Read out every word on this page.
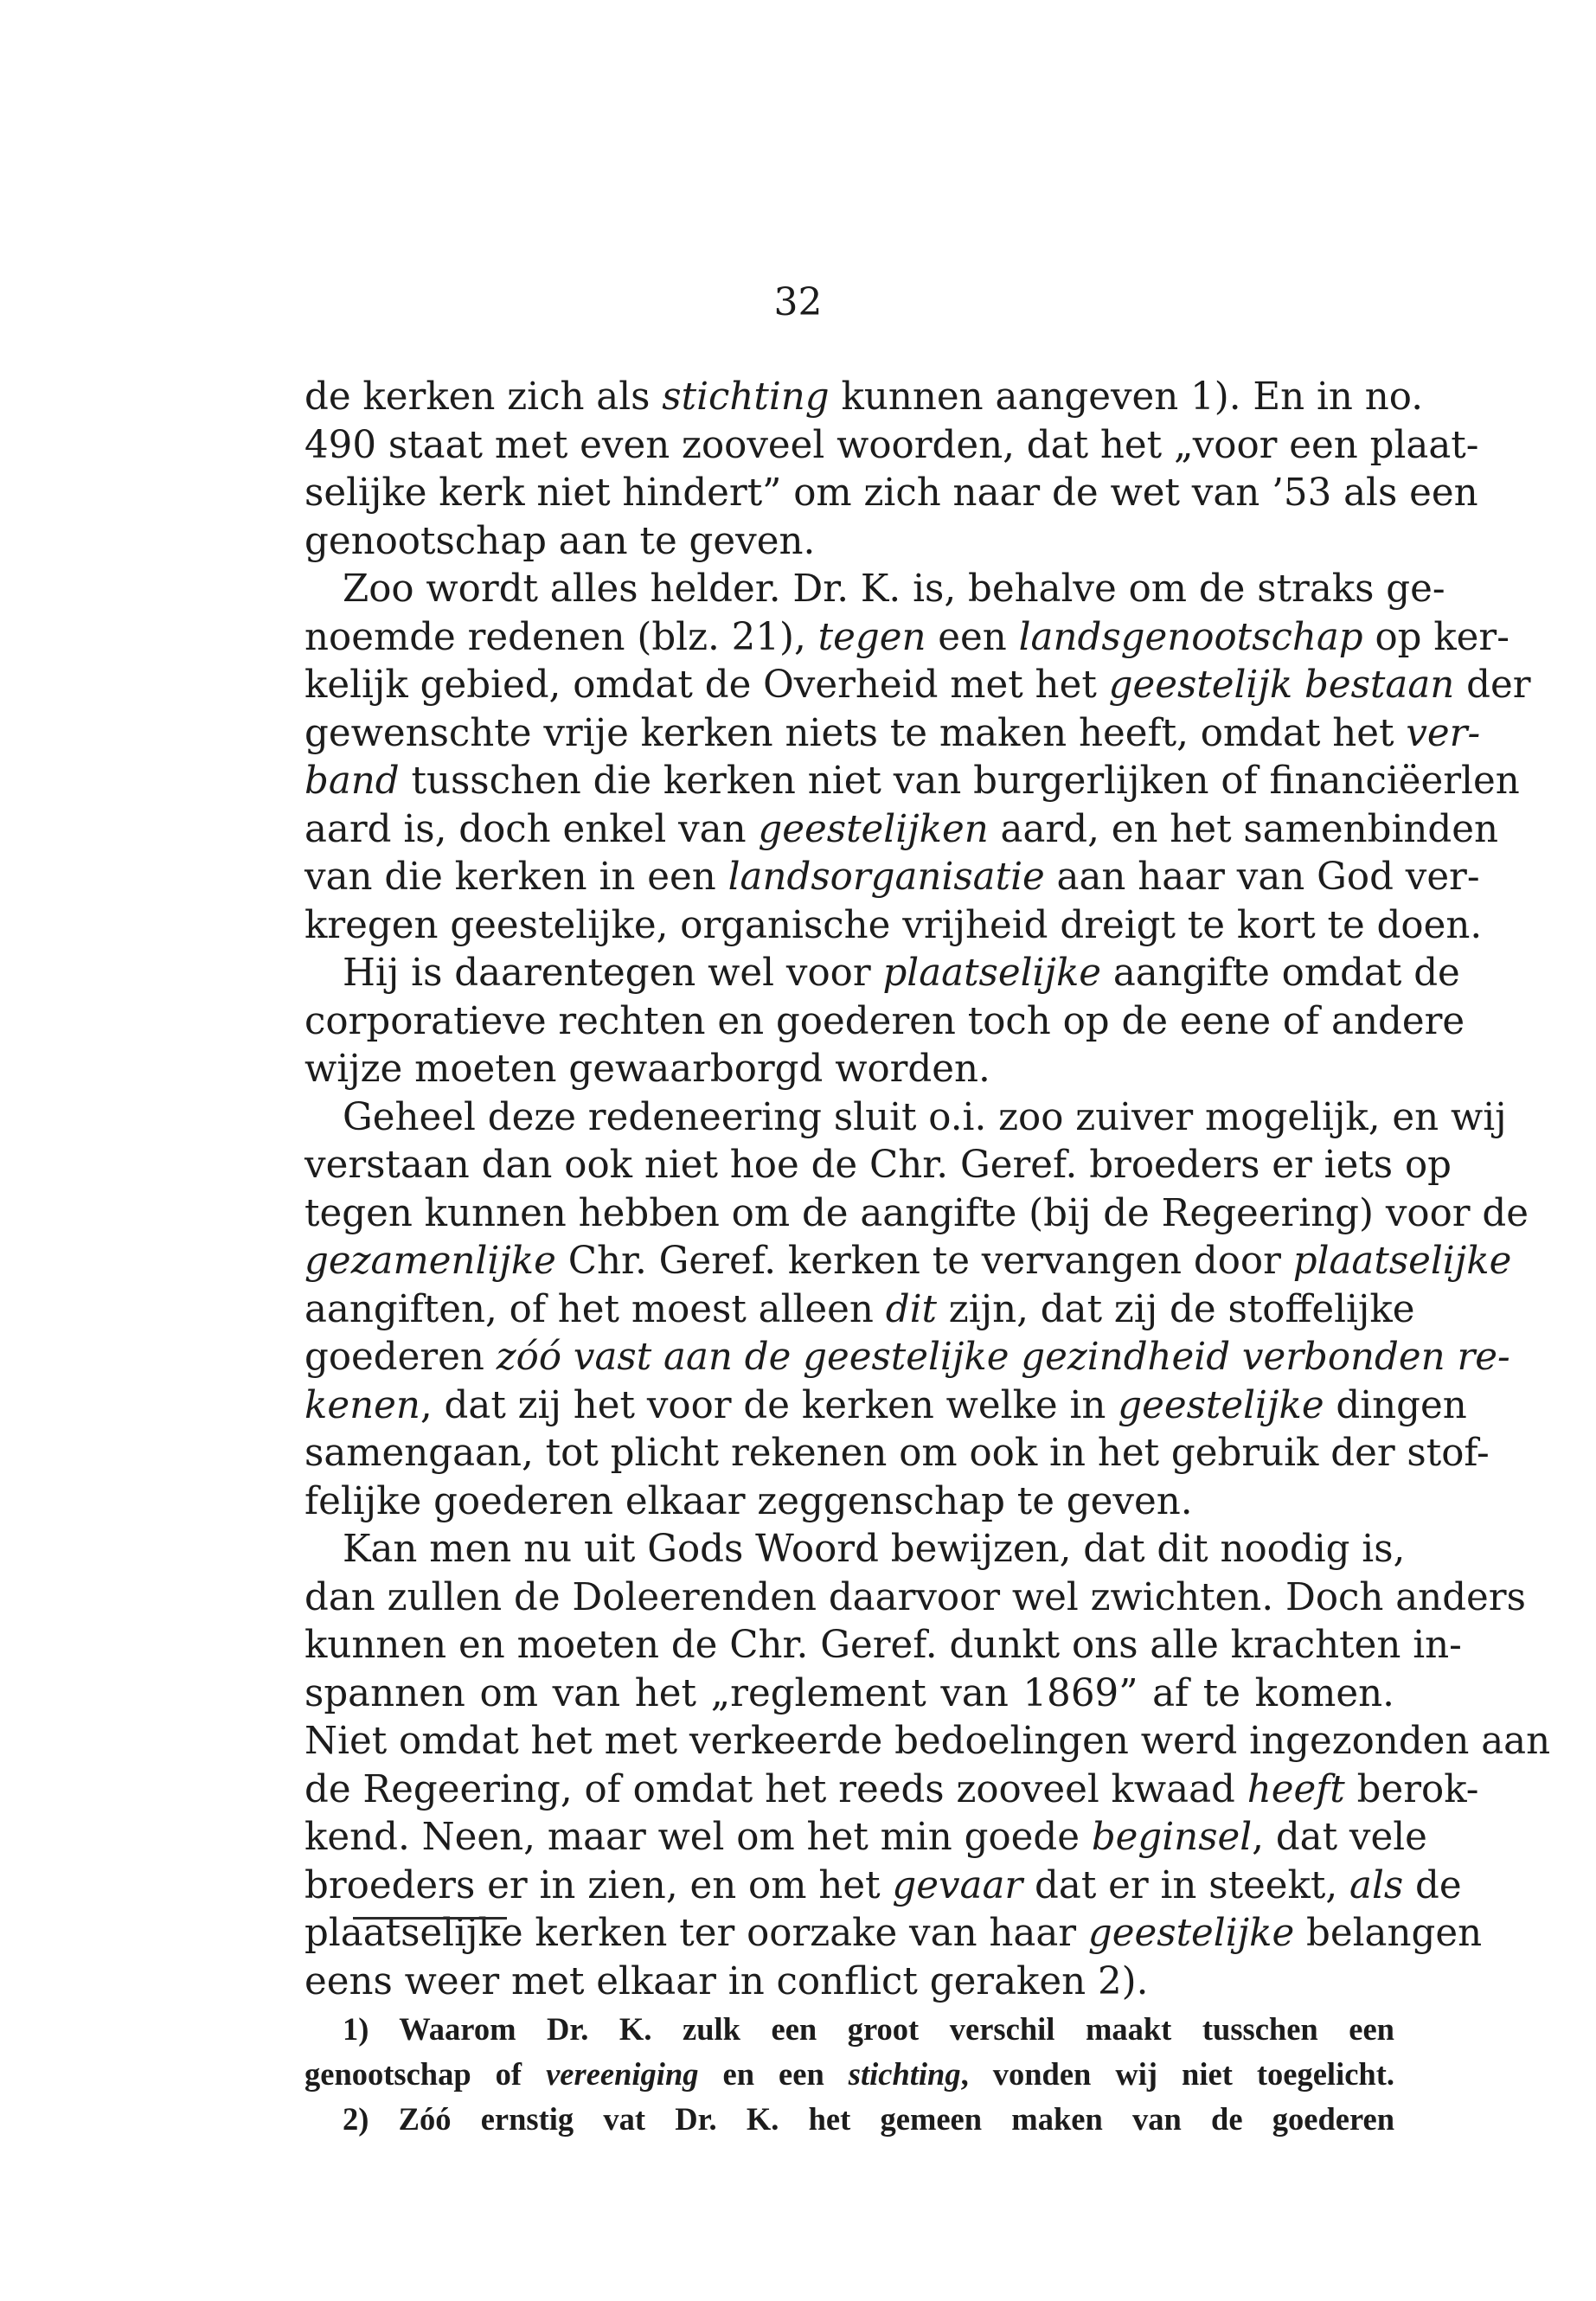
32
de kerken zich als stichting kunnen aangeven 1). En in no.
490 staat met even zooveel woorden, dat het „voor een plaat-
selijke kerk niet hindert” om zich naar de wet van ’53 als een
genootschap aan te geven.
Zoo wordt alles helder. Dr. K. is, behalve om de straks ge-
noemde redenen (blz. 21), tegen een landsgenootschap op ker-
kelijk gebied, omdat de Overheid met het geestelijk bestaan der
gewenschte vrije kerken niets te maken heeft, omdat het ver-
band tusschen die kerken niet van burgerlijken of financiëerlen
aard is, doch enkel van geestelijken aard, en het samenbinden
van die kerken in een landsorganisatie aan haar van God ver-
kregen geestelijke, organische vrijheid dreigt te kort te doen.
Hij is daarentegen wel voor plaatselijke aangifte omdat de
corporatieve rechten en goederen toch op de eene of andere
wijze moeten gewaarborgd worden.
Geheel deze redeneering sluit o.i. zoo zuiver mogelijk, en wij
verstaan dan ook niet hoe de Chr. Geref. broeders er iets op
tegen kunnen hebben om de aangifte (bij de Regeering) voor de
gezamenlijke Chr. Geref. kerken te vervangen door plaatselijke
aangiften, of het moest alleen dit zijn, dat zij de stoffelijke
goederen zóó vast aan de geestelijke gezindheid verbonden re-
kenen, dat zij het voor de kerken welke in geestelijke dingen
samengaan, tot plicht rekenen om ook in het gebruik der stof-
felijke goederen elkaar zeggenschap te geven.
Kan men nu uit Gods Woord bewijzen, dat dit noodig is,
dan zullen de Doleerenden daarvoor wel zwichten. Doch anders
kunnen en moeten de Chr. Geref. dunkt ons alle krachten in-
spannen om van het „reglement van 1869” af te komen.
Niet omdat het met verkeerde bedoelingen werd ingezonden aan
de Regeering, of omdat het reeds zooveel kwaad heeft berok-
kend. Neen, maar wel om het min goede beginsel, dat vele
broeders er in zien, en om het gevaar dat er in steekt, als de
plaatselijke kerken ter oorzake van haar geestelijke belangen
eens weer met elkaar in conflict geraken 2).
1) Waarom Dr. K. zulk een groot verschil maakt tusschen een
genootschap of vereeniging en een stichting, vonden wij niet toegelicht.
2) Zóó ernstig vat Dr. K. het gemeen maken van de goederen
